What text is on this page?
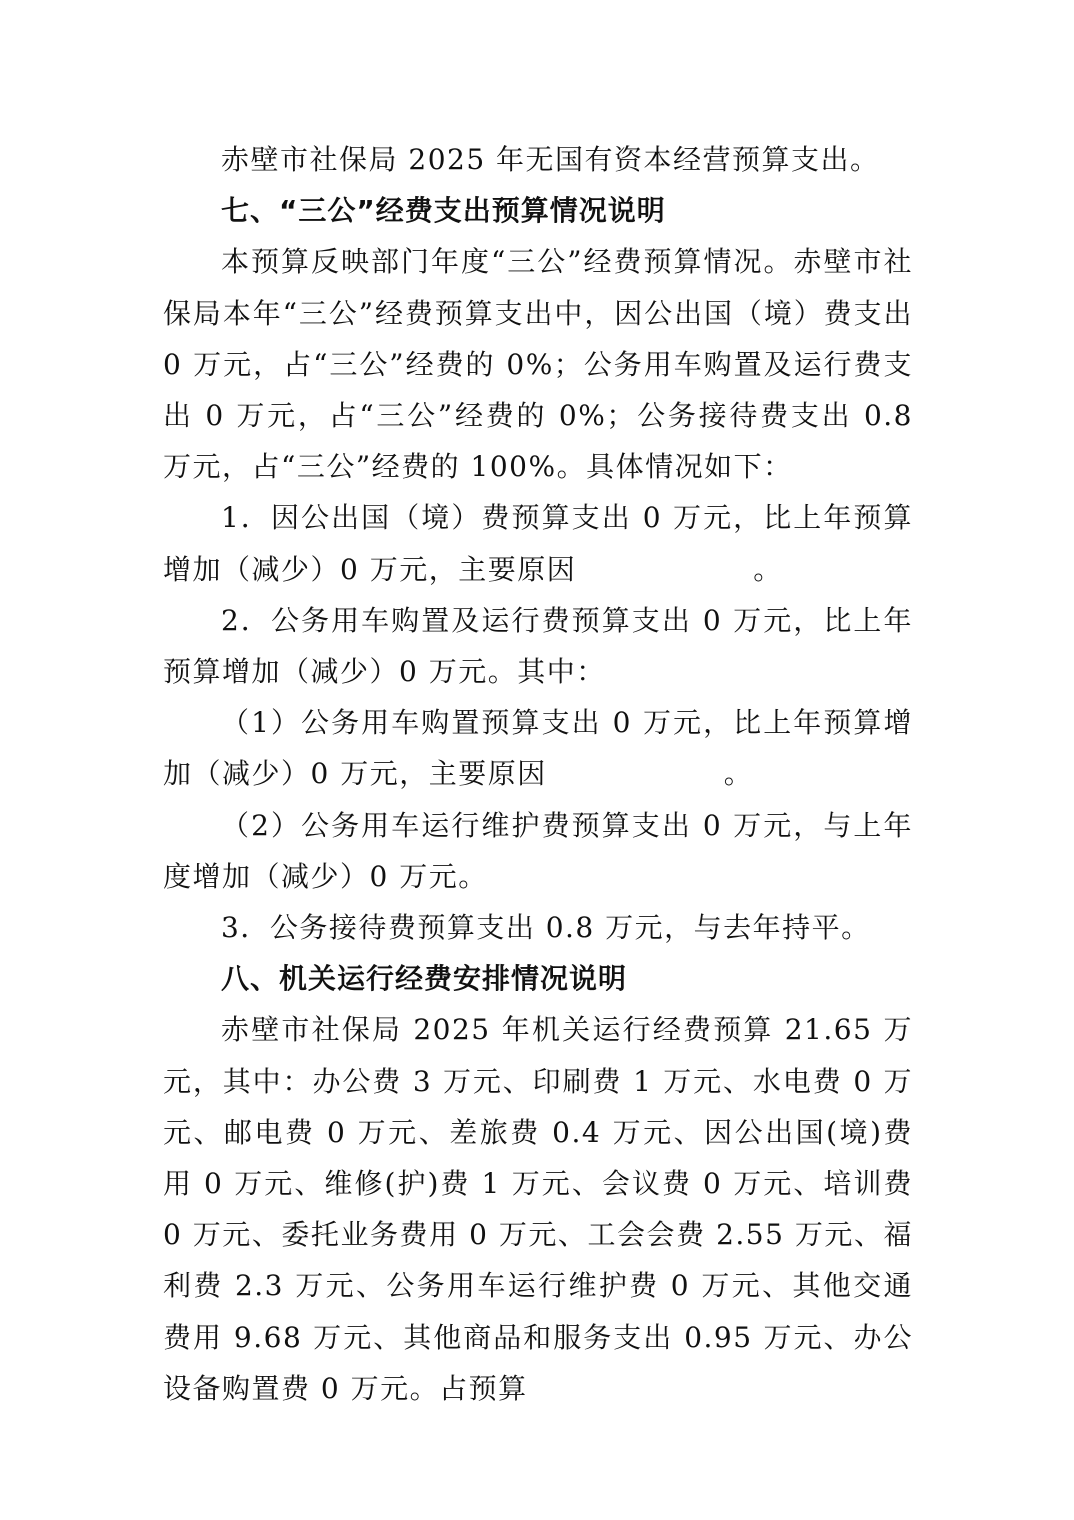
赤壁市社保局 2025 年无国有资本经营预算支出。

七、“三公”经费支出预算情况说明

本预算反映部门年度“三公”经费预算情况。赤壁市社保局本年“三公”经费预算支出中，因公出国（境）费支出 0 万元，占“三公”经费的 0%；公务用车购置及运行费支出 0 万元，占“三公”经费的 0%；公务接待费支出 0.8 万元，占“三公”经费的 100%。具体情况如下：

1．因公出国（境）费预算支出 0 万元，比上年预算增加（减少）0 万元，主要原因　　　　　　。

2．公务用车购置及运行费预算支出 0 万元，比上年预算增加（减少）0 万元。其中：

（1）公务用车购置预算支出 0 万元，比上年预算增加（减少）0 万元，主要原因　　　　　　。

（2）公务用车运行维护费预算支出 0 万元，与上年度增加（减少）0 万元。

3．公务接待费预算支出 0.8 万元，与去年持平。

八、机关运行经费安排情况说明

赤壁市社保局 2025 年机关运行经费预算 21.65 万元，其中：办公费 3 万元、印刷费 1 万元、水电费 0 万元、邮电费 0 万元、差旅费 0.4 万元、因公出国(境)费用 0 万元、维修(护)费 1 万元、会议费 0 万元、培训费 0 万元、委托业务费用 0 万元、工会会费 2.55 万元、福利费 2.3 万元、公务用车运行维护费 0 万元、其他交通费用 9.68 万元、其他商品和服务支出 0.95 万元、办公设备购置费 0 万元。占预算
